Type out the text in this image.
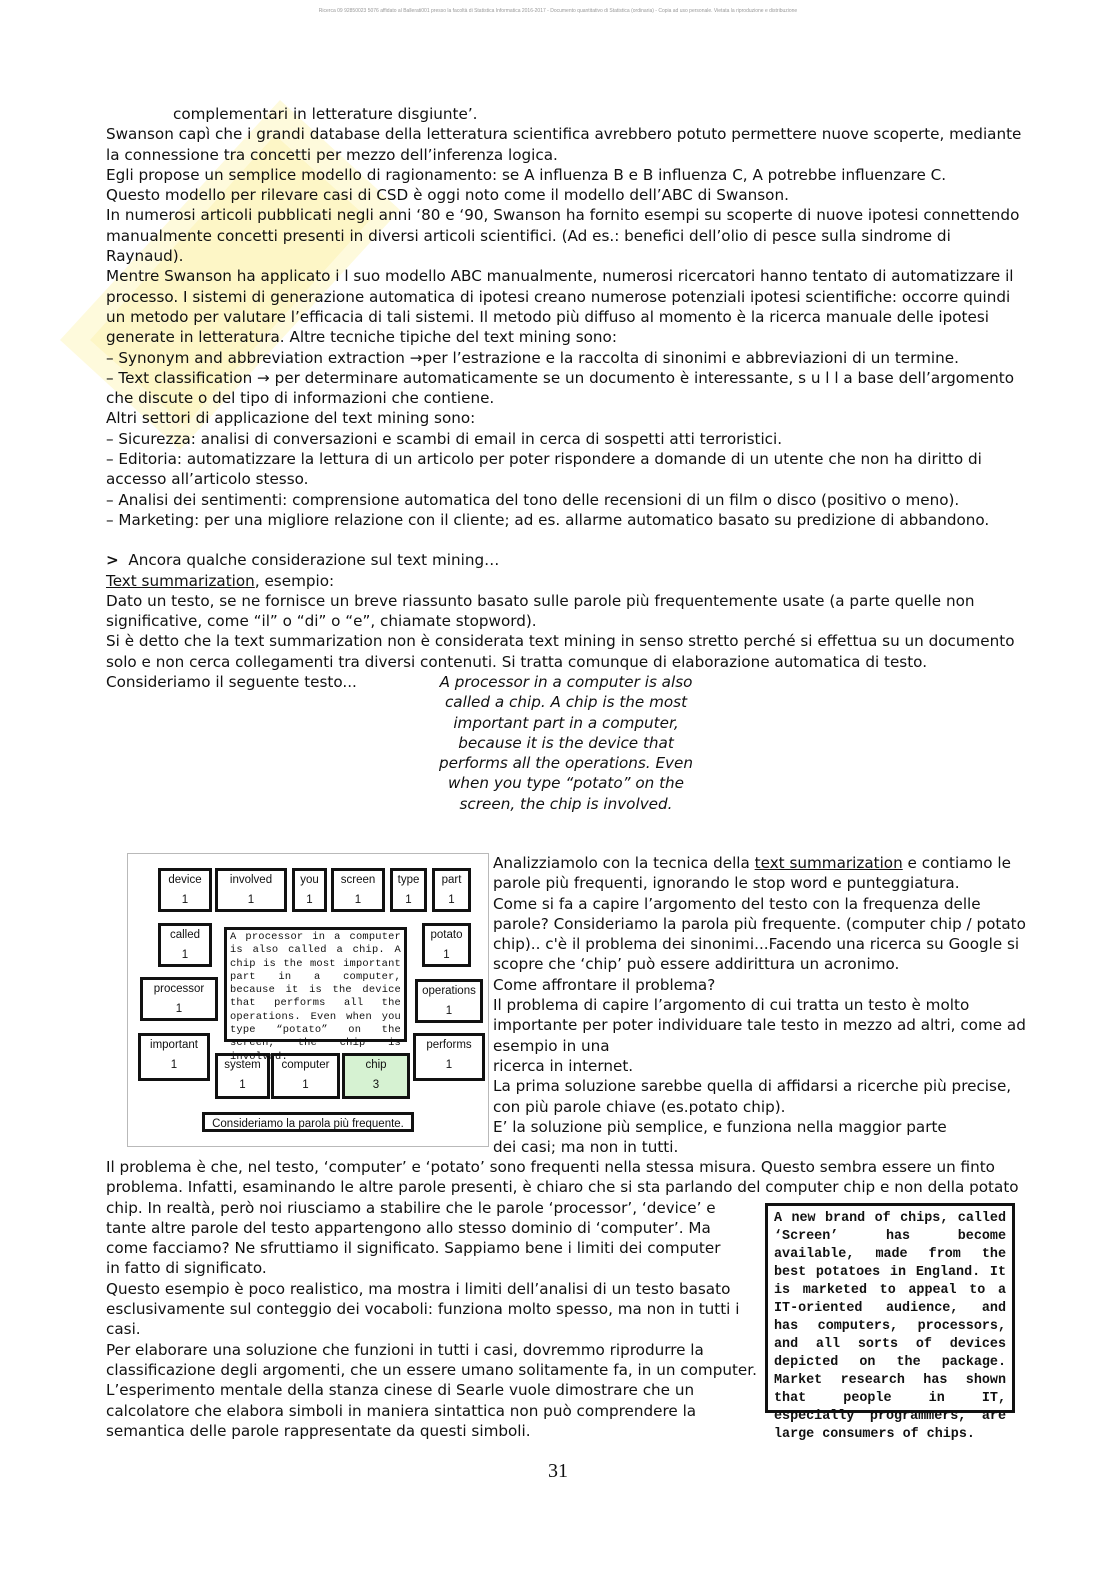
Ricerca 09 92850023 5076 affidato al Ballerati001 presso la facoltà di Statistica Informatica 2016-2017 - Documento quantitativo di Statistica (ordinaria) - Copia ad uso personale. Vietata la riproduzione e distribuzione

complementari in letterature disgiunte’.

Swanson capì che i grandi database della letteratura scientifica avrebbero potuto permettere nuove scoperte, mediante la connessione tra concetti per mezzo dell’inferenza logica.

Egli propose un semplice modello di ragionamento: se A influenza B e B influenza C, A potrebbe influenzare C.

Questo modello per rilevare casi di CSD è oggi noto come il modello dell’ABC di Swanson.

In numerosi articoli pubblicati negli anni ‘80 e ‘90, Swanson ha fornito esempi su scoperte di nuove ipotesi connettendo manualmente concetti presenti in diversi articoli scientifici. (Ad es.: benefici dell’olio di pesce sulla sindrome di Raynaud).

Mentre Swanson ha applicato i l suo modello ABC manualmente, numerosi ricercatori hanno tentato di automatizzare il processo. I sistemi di generazione automatica di ipotesi creano numerose potenziali ipotesi scientifiche: occorre quindi un metodo per valutare l’efficacia di tali sistemi. Il metodo più diffuso al momento è la ricerca manuale delle ipotesi generate in letteratura. Altre tecniche tipiche del text mining sono:

– Synonym and abbreviation extraction →per l’estrazione e la raccolta di sinonimi e abbreviazioni di un termine.

– Text classification → per determinare automaticamente se un documento è interessante, s u l l a base dell’argomento che discute o del tipo di informazioni che contiene.

Altri settori di applicazione del text mining sono:

– Sicurezza: analisi di conversazioni e scambi di email in cerca di sospetti atti terroristici.

– Editoria: automatizzare la lettura di un articolo per poter rispondere a domande di un utente che non ha diritto di accesso all’articolo stesso.

– Analisi dei sentimenti: comprensione automatica del tono delle recensioni di un film o disco (positivo o meno).

– Marketing: per una migliore relazione con il cliente; ad es. allarme automatico basato su predizione di abbandono.

> Ancora qualche considerazione sul text mining…

Text summarization, esempio:

Dato un testo, se ne fornisce un breve riassunto basato sulle parole più frequentemente usate (a parte quelle non significative, come “il” o “di” o “e”, chiamate stopword).

Si è detto che la text summarization non è considerata text mining in senso stretto perché si effettua su un documento solo e non cerca collegamenti tra diversi contenuti. Si tratta comunque di elaborazione automatica di testo.

Consideriamo il seguente testo...	A processor in a computer is also called a chip. A chip is the most important part in a computer, because it is the device that performs all the operations. Even when you type “potato” on the screen, the chip is involved.
device
1
involved
1
you
1
screen
1
type
1
part
1
called
1
potato
1
processor
1
operations
1
important
1
performs
1
system
1
computer
1
chip
3
A processor in a computer is also called a chip. A chip is the most important part in a computer, because it is the device that performs all the operations. Even when you type “potato” on the screen, the chip is involved.
Consideriamo la parola più frequente.

Analizziamolo con la tecnica della text summarization e contiamo le parole più frequenti, ignorando le stop word e punteggiatura.

Come si fa a capire l’argomento del testo con la frequenza delle parole? Consideriamo la parola più frequente. (computer chip / potato chip).. c'è il problema dei sinonimi...Facendo una ricerca su Google si scopre che ‘chip’ può essere addirittura un acronimo.

Come affrontare il problema?

Il problema di capire l’argomento di cui tratta un testo è molto importante per poter individuare tale testo in mezzo ad altri, come ad esempio in una

ricerca in internet.

La prima soluzione sarebbe quella di affidarsi a ricerche più precise, con più parole chiave (es.potato chip).

E’ la soluzione più semplice, e funziona nella maggior parte dei casi; ma non in tutti.

Il problema è che, nel testo, ‘computer’ e ‘potato’ sono frequenti nella stessa misura. Questo sembra essere un finto problema. Infatti, esaminando le altre parole presenti, è chiaro che si sta parlando del computer chip e non della potato

chip. In realtà, però noi riusciamo a stabilire che le parole ‘processor’, ‘device’ e tante altre parole del testo appartengono allo stesso dominio di ‘computer’. Ma come facciamo? Ne sfruttiamo il significato. Sappiamo bene i limiti dei computer in fatto di significato.

Questo esempio è poco realistico, ma mostra i limiti dell’analisi di un testo basato esclusivamente sul conteggio dei vocaboli: funziona molto spesso, ma non in tutti i casi.

Per elaborare una soluzione che funzioni in tutti i casi, dovremmo riprodurre la classificazione degli argomenti, che un essere umano solitamente fa, in un computer.

L’esperimento mentale della stanza cinese di Searle vuole dimostrare che un calcolatore che elabora simboli in maniera sintattica non può comprendere la semantica delle parole rappresentate da questi simboli.

A new brand of chips, called ‘Screen’ has become available, made from the best potatoes in England. It is marketed to appeal to a IT-oriented audience, and has computers, processors, and all sorts of devices depicted on the package. Market research has shown that people in IT, especially programmers, are large consumers of chips.
31
